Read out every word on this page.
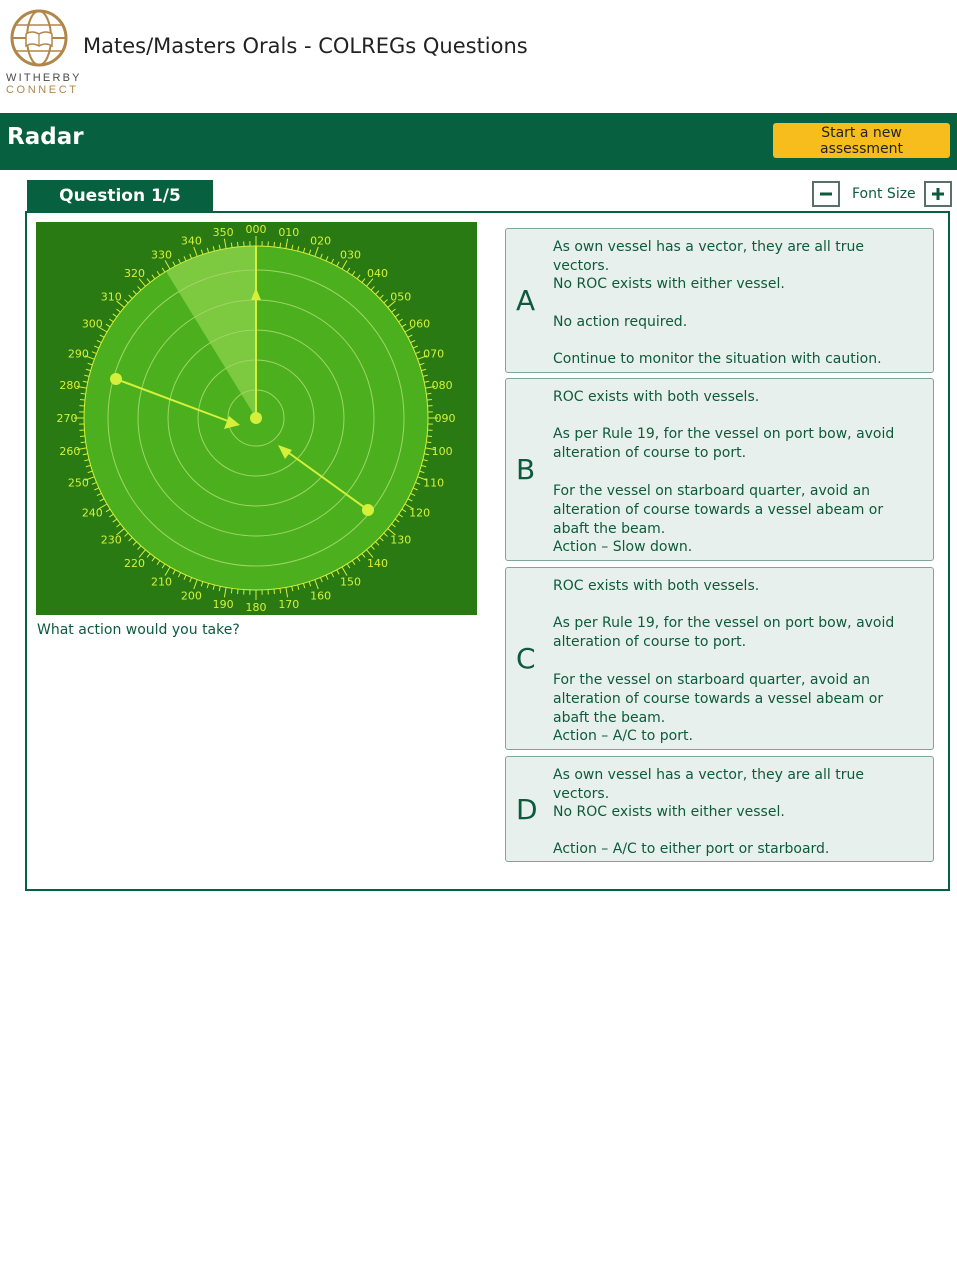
WITHERBY
CONNECT
Mates/Masters Orals - COLREGs Questions
Radar	Start a new assessment
Question 1/5	Font Size
000 010
020
030
040
050
060
070
080
090
100
110
120
130
140
150
160
170
180
190
200
210
220
230
240
250
260
270
280
290
300
310
320
330
340
350
What action would you take?
A
As own vessel has a vector, they are all true vectors.
No ROC exists with either vessel.
No action required.
Continue to monitor the situation with caution.
B
ROC exists with both vessels.
As per Rule 19, for the vessel on port bow, avoid alteration of course to port.
For the vessel on starboard quarter, avoid an alteration of course towards a vessel abeam or abaft the beam.
Action – Slow down.
C
ROC exists with both vessels.
As per Rule 19, for the vessel on port bow, avoid alteration of course to port.
For the vessel on starboard quarter, avoid an alteration of course towards a vessel abeam or abaft the beam.
Action – A/C to port.
D
As own vessel has a vector, they are all true vectors.
No ROC exists with either vessel.
Action – A/C to either port or starboard.
